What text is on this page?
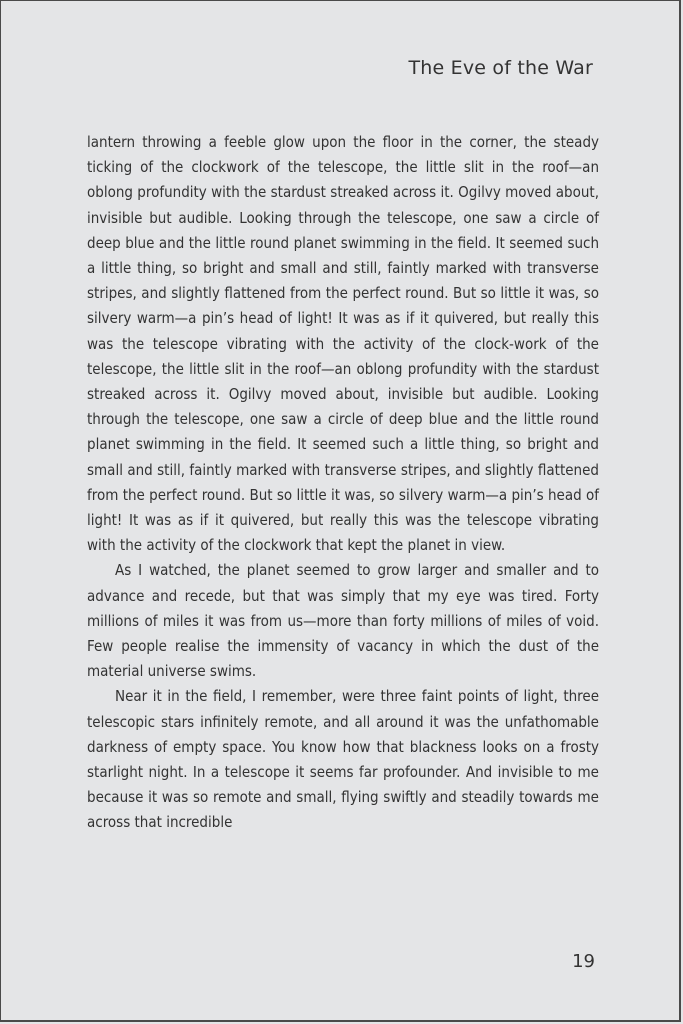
The Eve of the War

lantern throwing a feeble glow upon the floor in the corner, the steady ticking of the clockwork of the telescope, the little slit in the roof—an oblong profundity with the stardust streaked across it. Ogilvy moved about, invisible but audible. Looking through the telescope, one saw a circle of deep blue and the little round planet swimming in the field. It seemed such a little thing, so bright and small and still, faintly marked with transverse stripes, and slightly flattened from the perfect round. But so little it was, so silvery warm—a pin’s head of light! It was as if it quivered, but really this was the telescope vibrating with the activity of the clock-work of the telescope, the little slit in the roof—an oblong profundity with the stardust streaked across it. Ogilvy moved about, invisible but audible. Looking through the telescope, one saw a circle of deep blue and the little round planet swimming in the field. It seemed such a little thing, so bright and small and still, faintly marked with transverse stripes, and slightly flattened from the perfect round. But so little it was, so silvery warm—a pin’s head of light! It was as if it quivered, but really this was the telescope vibrating with the activity of the clockwork that kept the planet in view.

As I watched, the planet seemed to grow larger and smaller and to advance and recede, but that was simply that my eye was tired. Forty millions of miles it was from us—more than forty millions of miles of void. Few people realise the immensity of vacancy in which the dust of the material universe swims.

Near it in the field, I remember, were three faint points of light, three telescopic stars infinitely remote, and all around it was the unfathomable darkness of empty space. You know how that blackness looks on a frosty starlight night. In a telescope it seems far profounder. And invisible to me because it was so remote and small, flying swiftly and steadily towards me across that incredible

19
